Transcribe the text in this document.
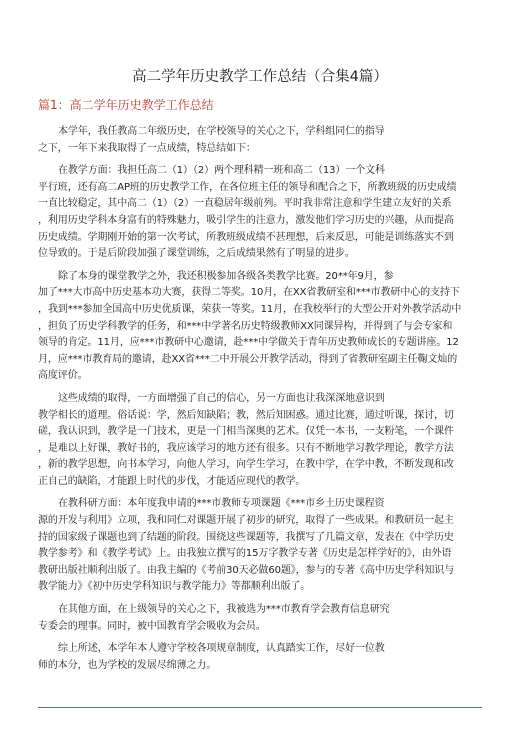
高二学年历史教学工作总结（合集4篇）
篇1：高二学年历史教学工作总结
本学年，我任教高二年级历史，在学校领导的关心之下，学科组同仁的指导
之下，一年下来我取得了一点成绩，特总结如下：
在教学方面：我担任高二（1）（2）两个理科精一班和高二（13）一个文科
平行班，还有高二AP班的历史教学工作，在各位班主任的领导和配合之下，所教班级的历史成绩
一直比较稳定，其中高二（1）（2）一直稳居年级前列。平时我非常注意和学生建立友好的关系
，利用历史学科本身富有的特殊魅力，吸引学生的注意力，激发他们学习历史的兴趣，从而提高
历史成绩。学期刚开始的第一次考试，所教班级成绩不甚理想，后来反思，可能是训练落实不到
位导致的。于是后阶段加强了课堂训练，之后成绩果然有了明显的进步。
除了本身的课堂教学之外，我还积极参加各级各类教学比赛。20**年9月，参
加了***大市高中历史基本功大赛，获得二等奖。10月，在XX省教研室和***市教研中心的支持下
，我到***参加全国高中历史优质课，荣获一等奖。11月，在我校举行的大型公开对外教学活动中
，担负了历史学科教学的任务，和***中学著名历史特级教师XX同课异构，并得到了与会专家和
领导的肯定。11月，应***市教研中心邀请，赴***中学做关于青年历史教师成长的专题讲座。12
月，应***市教育局的邀请，赴XX省***二中开展公开教学活动，得到了省教研室副主任鞠文灿的
高度评价。
这些成绩的取得，一方面增强了自己的信心，另一方面也让我深深地意识到
教学相长的道理。俗话说：学，然后知缺陷；教，然后知困惑。通过比赛，通过听课，探讨，切
磋，我认识到，教学是一门技术，更是一门相当深奥的艺术。仅凭一本书，一支粉笔，一个课件
，是难以上好课，教好书的，我应该学习的地方还有很多。只有不断地学习教学理论，教学方法
，新的教学思想，向书本学习，向他人学习，向学生学习，在教中学，在学中教，不断发现和改
正自己的缺陷，才能跟上时代的步伐，才能适应现代的教学。
在教科研方面：本年度我申请的***市教师专项课题《***市乡土历史课程资
源的开发与利用》立项，我和同仁对课题开展了初步的研究，取得了一些成果。和教研员一起主
持的国家级子课题也到了结题的阶段。围绕这些课题等，我撰写了几篇文章，发表在《中学历史
教学参考》和《教学考试》上。由我独立撰写的15万字教学专著《历史是怎样学好的》，由外语
教研出版社顺利出版了。由我主编的《考前30天必做60题》，参与的专著《高中历史学科知识与
教学能力》《初中历史学科知识与教学能力》等都顺利出版了。
在其他方面，在上级领导的关心之下，我被选为***市教育学会教育信息研究
专委会的理事。同时，被中国教育学会吸收为会员。
综上所述，本学年本人遵守学校各项规章制度，认真踏实工作，尽好一位教
师的本分，也为学校的发展尽绵薄之力。
